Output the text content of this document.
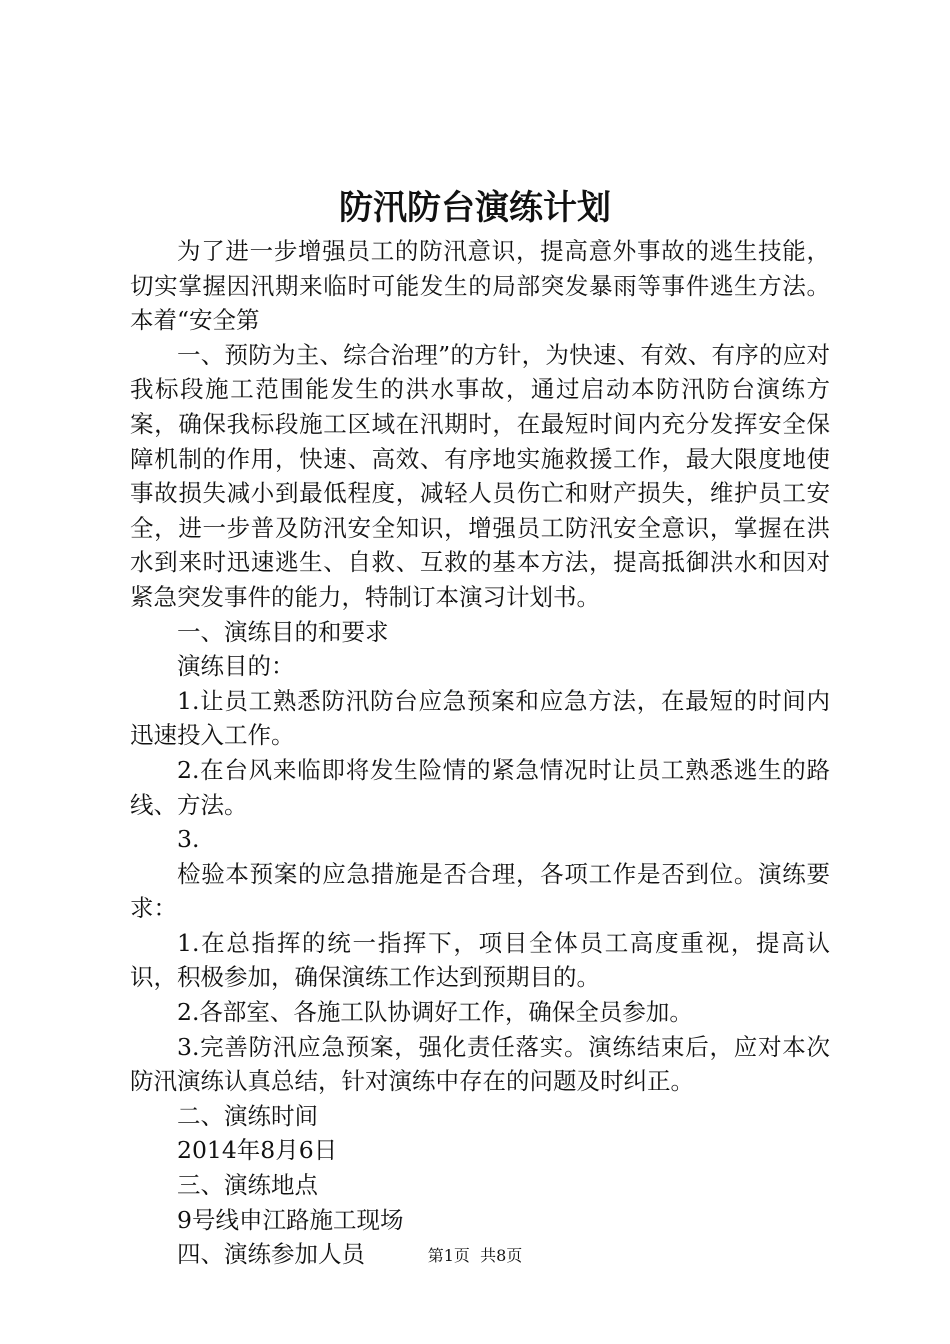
防汛防台演练计划

为了进一步增强员工的防汛意识，提高意外事故的逃生技能，切实掌握因汛期来临时可能发生的局部突发暴雨等事件逃生方法。本着“安全第

一、预防为主、综合治理”的方针，为快速、有效、有序的应对我标段施工范围能发生的洪水事故，通过启动本防汛防台演练方案，确保我标段施工区域在汛期时，在最短时间内充分发挥安全保障机制的作用，快速、高效、有序地实施救援工作，最大限度地使事故损失减小到最低程度，减轻人员伤亡和财产损失，维护员工安全，进一步普及防汛安全知识，增强员工防汛安全意识，掌握在洪水到来时迅速逃生、自救、互救的基本方法，提高抵御洪水和因对紧急突发事件的能力，特制订本演习计划书。

一、演练目的和要求

演练目的：

1.让员工熟悉防汛防台应急预案和应急方法，在最短的时间内迅速投入工作。

2.在台风来临即将发生险情的紧急情况时让员工熟悉逃生的路线、方法。

3.

检验本预案的应急措施是否合理，各项工作是否到位。演练要求：

1.在总指挥的统一指挥下，项目全体员工高度重视，提高认识，积极参加，确保演练工作达到预期目的。

2.各部室、各施工队协调好工作，确保全员参加。

3.完善防汛应急预案，强化责任落实。演练结束后，应对本次防汛演练认真总结，针对演练中存在的问题及时纠正。

二、演练时间

2014年8月6日

三、演练地点

9号线申江路施工现场

四、演练参加人员	第1页 共8页
